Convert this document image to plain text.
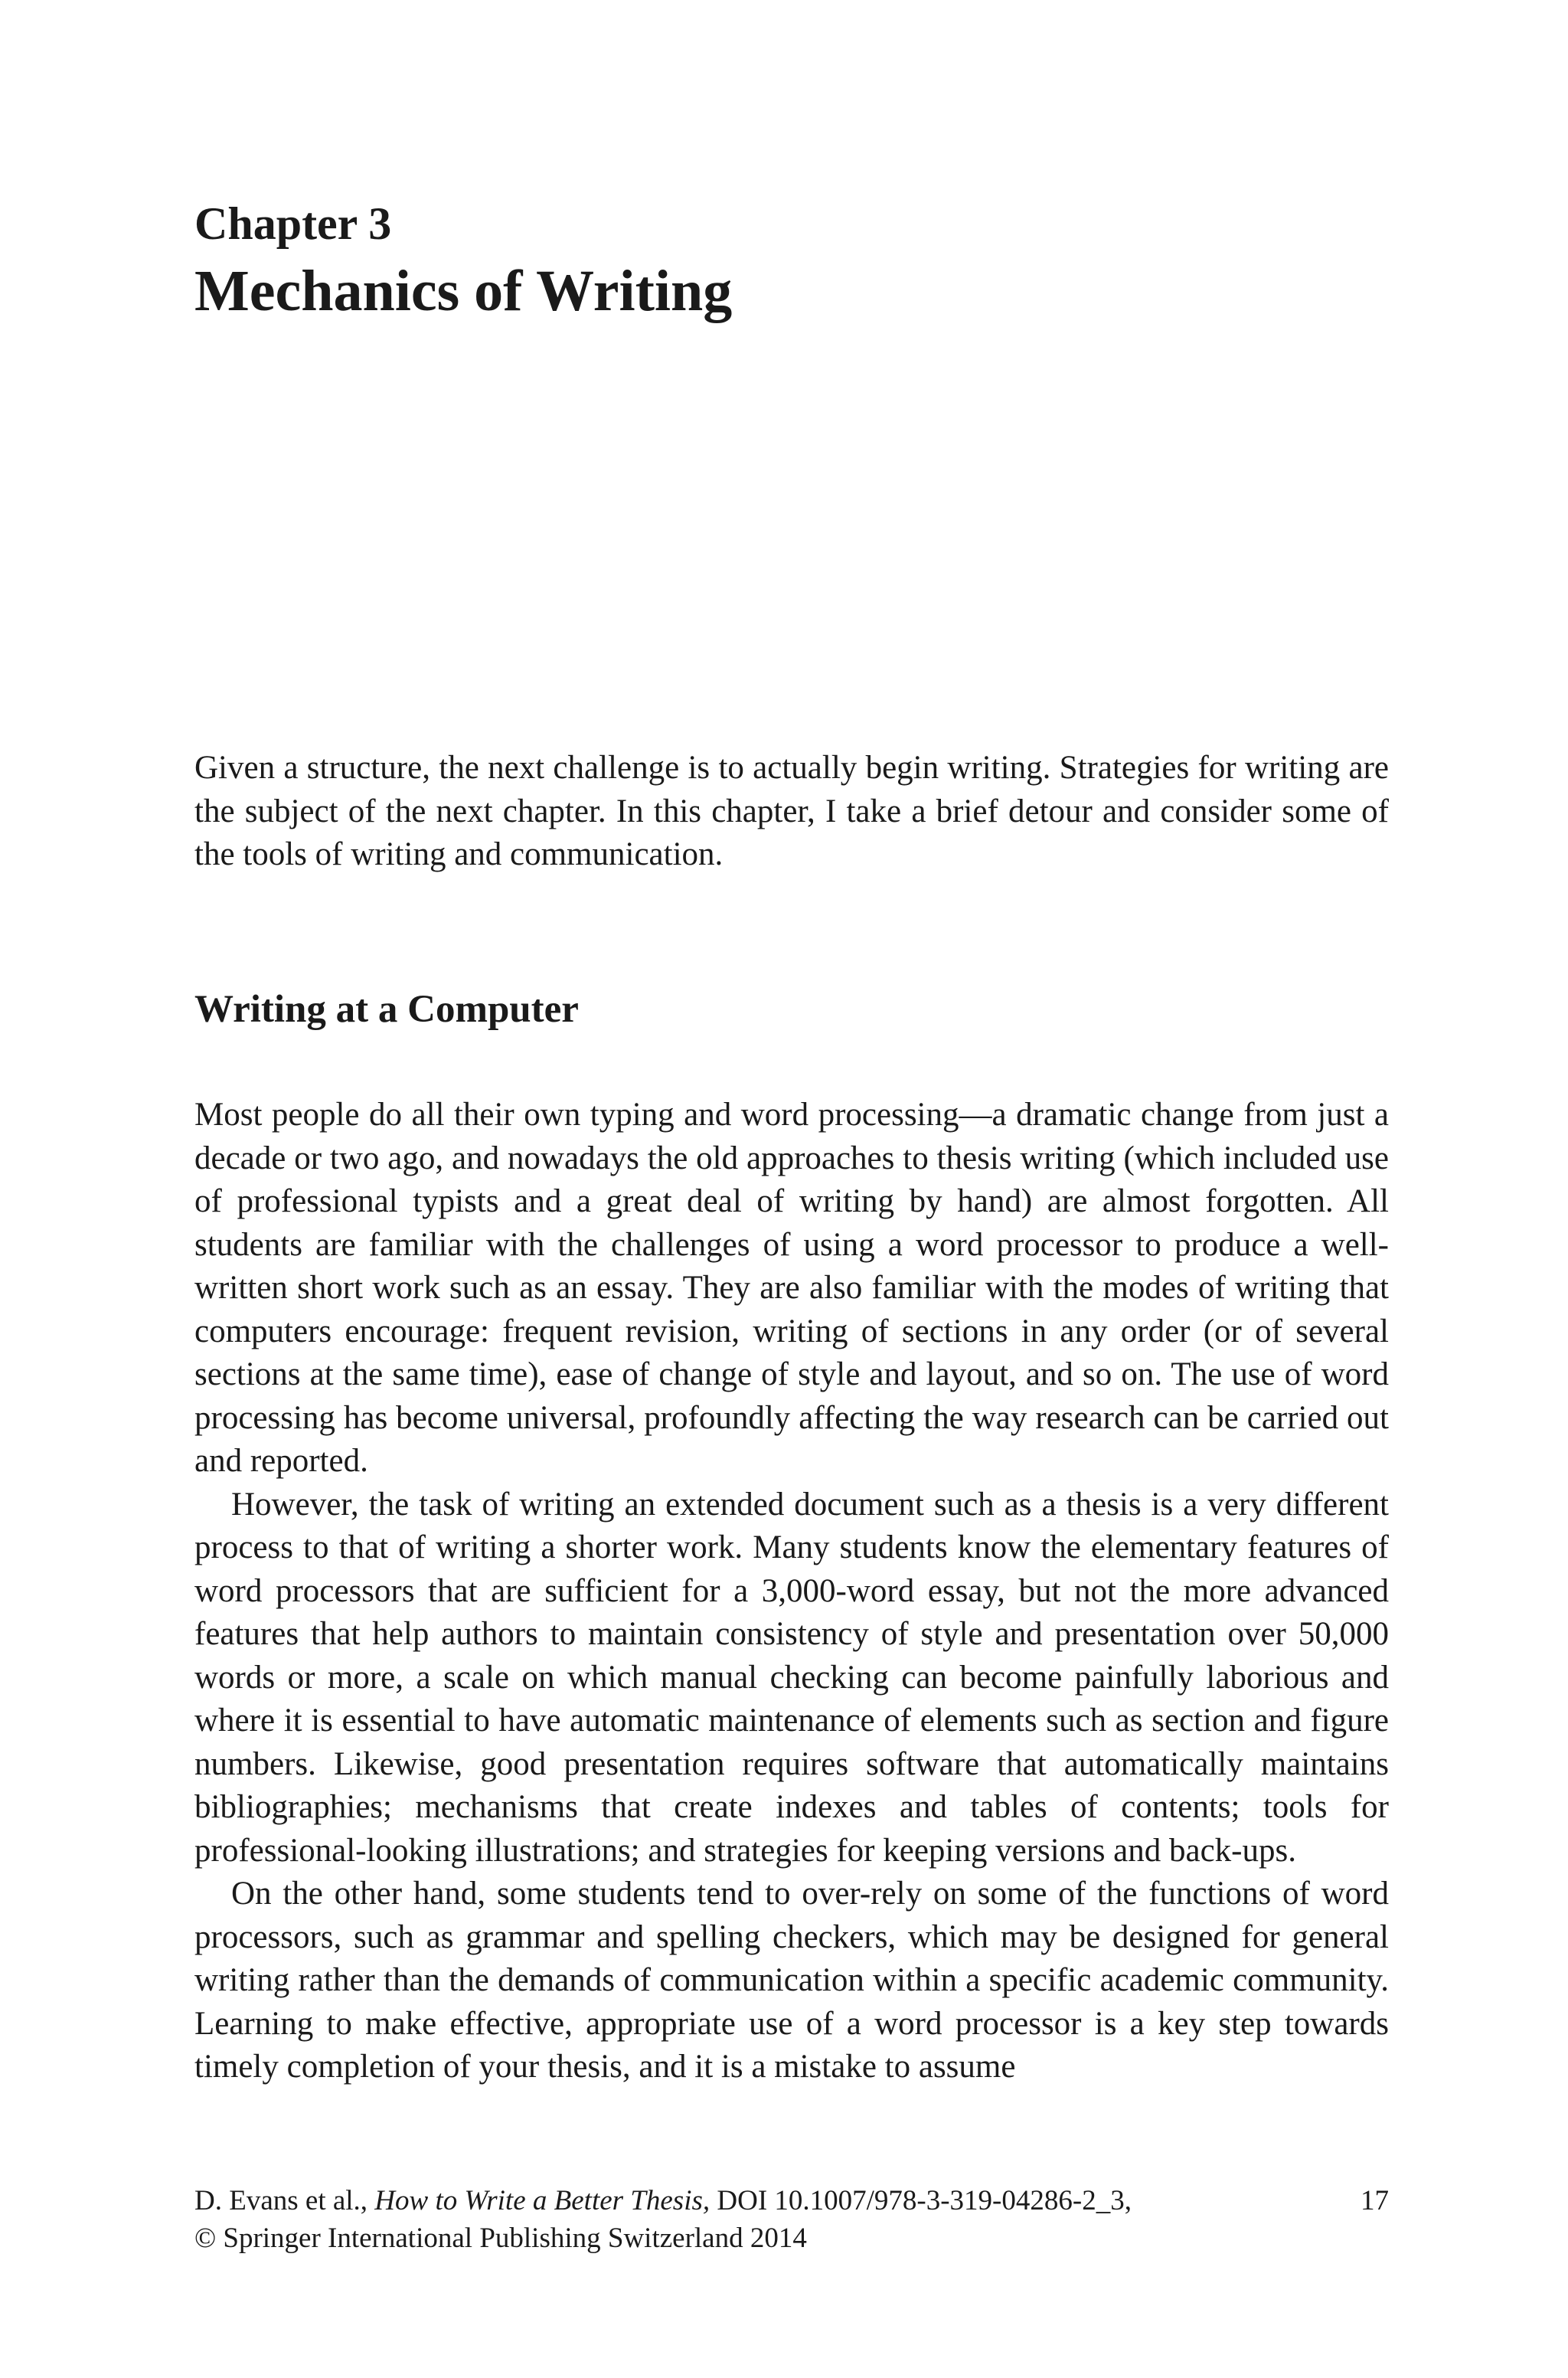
Chapter 3
Mechanics of Writing

Given a structure, the next challenge is to actually begin writing. Strategies for writing are the subject of the next chapter. In this chapter, I take a brief detour and consider some of the tools of writing and communication.

Writing at a Computer

Most people do all their own typing and word processing—a dramatic change from just a decade or two ago, and nowadays the old approaches to thesis writing (which included use of professional typists and a great deal of writing by hand) are almost forgotten. All students are familiar with the challenges of using a word processor to produce a well-written short work such as an essay. They are also familiar with the modes of writing that computers encourage: frequent revision, writing of sections in any order (or of several sections at the same time), ease of change of style and layout, and so on. The use of word processing has become universal, profoundly affecting the way research can be carried out and reported.

However, the task of writing an extended document such as a thesis is a very different process to that of writing a shorter work. Many students know the elementary features of word processors that are sufficient for a 3,000-word essay, but not the more advanced features that help authors to maintain consistency of style and presentation over 50,000 words or more, a scale on which manual checking can become painfully laborious and where it is essential to have automatic maintenance of elements such as section and figure numbers. Likewise, good presentation requires software that automatically maintains bibliographies; mechanisms that create indexes and tables of contents; tools for professional-looking illustrations; and strategies for keeping versions and back-ups.

On the other hand, some students tend to over-rely on some of the functions of word processors, such as grammar and spelling checkers, which may be designed for general writing rather than the demands of communication within a specific academic community. Learning to make effective, appropriate use of a word processor is a key step towards timely completion of your thesis, and it is a mistake to assume

D. Evans et al., How to Write a Better Thesis, DOI 10.1007/978-3-319-04286-2_3,	17
© Springer International Publishing Switzerland 2014
